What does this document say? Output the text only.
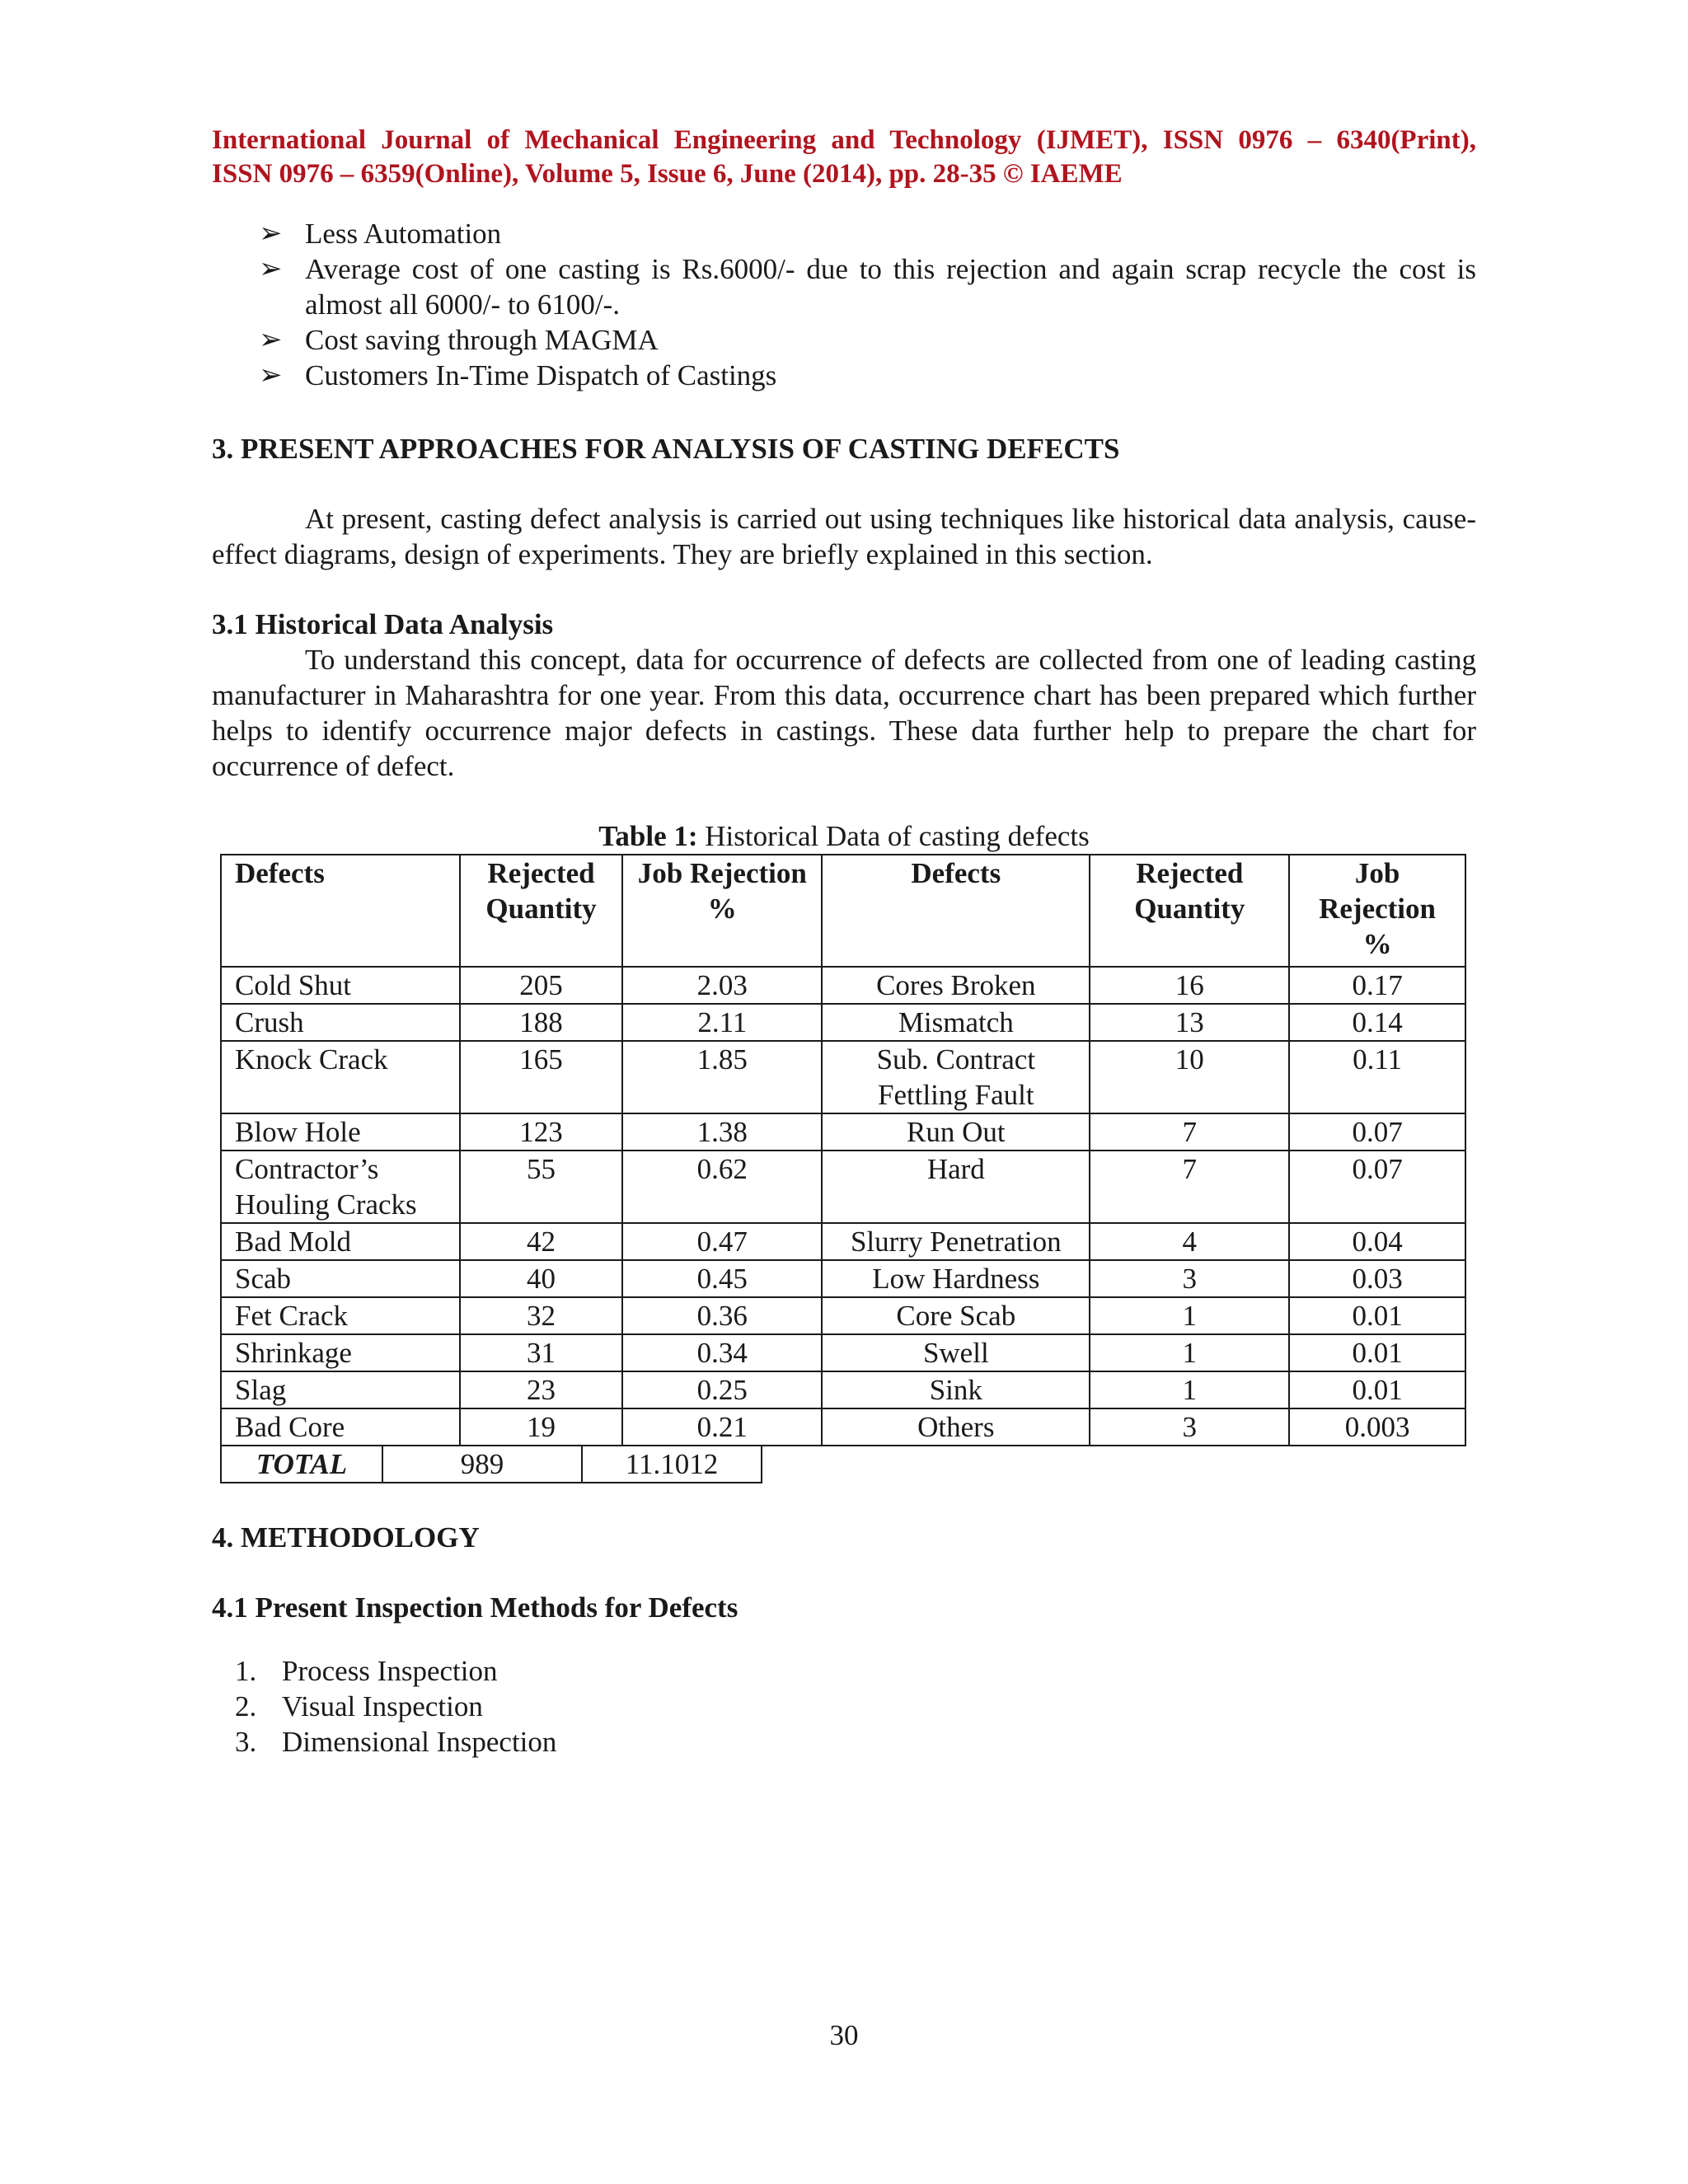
International Journal of Mechanical Engineering and Technology (IJMET), ISSN 0976 – 6340(Print),
ISSN 0976 – 6359(Online), Volume 5, Issue 6, June (2014), pp. 28-35 © IAEME
➢ Less Automation
➢ Average cost of one casting is Rs.6000/- due to this rejection and again scrap recycle the cost is almost all 6000/- to 6100/-.
➢ Cost saving through MAGMA
➢ Customers In-Time Dispatch of Castings
3. PRESENT APPROACHES FOR ANALYSIS OF CASTING DEFECTS

At present, casting defect analysis is carried out using techniques like historical data analysis, cause-effect diagrams, design of experiments. They are briefly explained in this section.

3.1 Historical Data Analysis

To understand this concept, data for occurrence of defects are collected from one of leading casting manufacturer in Maharashtra for one year. From this data, occurrence chart has been prepared which further helps to identify occurrence major defects in castings. These data further help to prepare the chart for occurrence of defect.

Table 1: Historical Data of casting defects
Defects	Rejected Quantity	Job Rejection %	Defects	Rejected Quantity	Job Rejection %
Cold Shut	205	2.03	Cores Broken	16	0.17
Crush	188	2.11	Mismatch	13	0.14
Knock Crack	165	1.85	Sub. Contract Fettling Fault	10	0.11
Blow Hole	123	1.38	Run Out	7	0.07
Contractor’s Houling Cracks	55	0.62	Hard	7	0.07
Bad Mold	42	0.47	Slurry Penetration	4	0.04
Scab	40	0.45	Low Hardness	3	0.03
Fet Crack	32	0.36	Core Scab	1	0.01
Shrinkage	31	0.34	Swell	1	0.01
Slag	23	0.25	Sink	1	0.01
Bad Core	19	0.21	Others	3	0.003
TOTAL	989	11.1012
4. METHODOLOGY
4.1 Present Inspection Methods for Defects
1. Process Inspection
2. Visual Inspection
3. Dimensional Inspection
30
